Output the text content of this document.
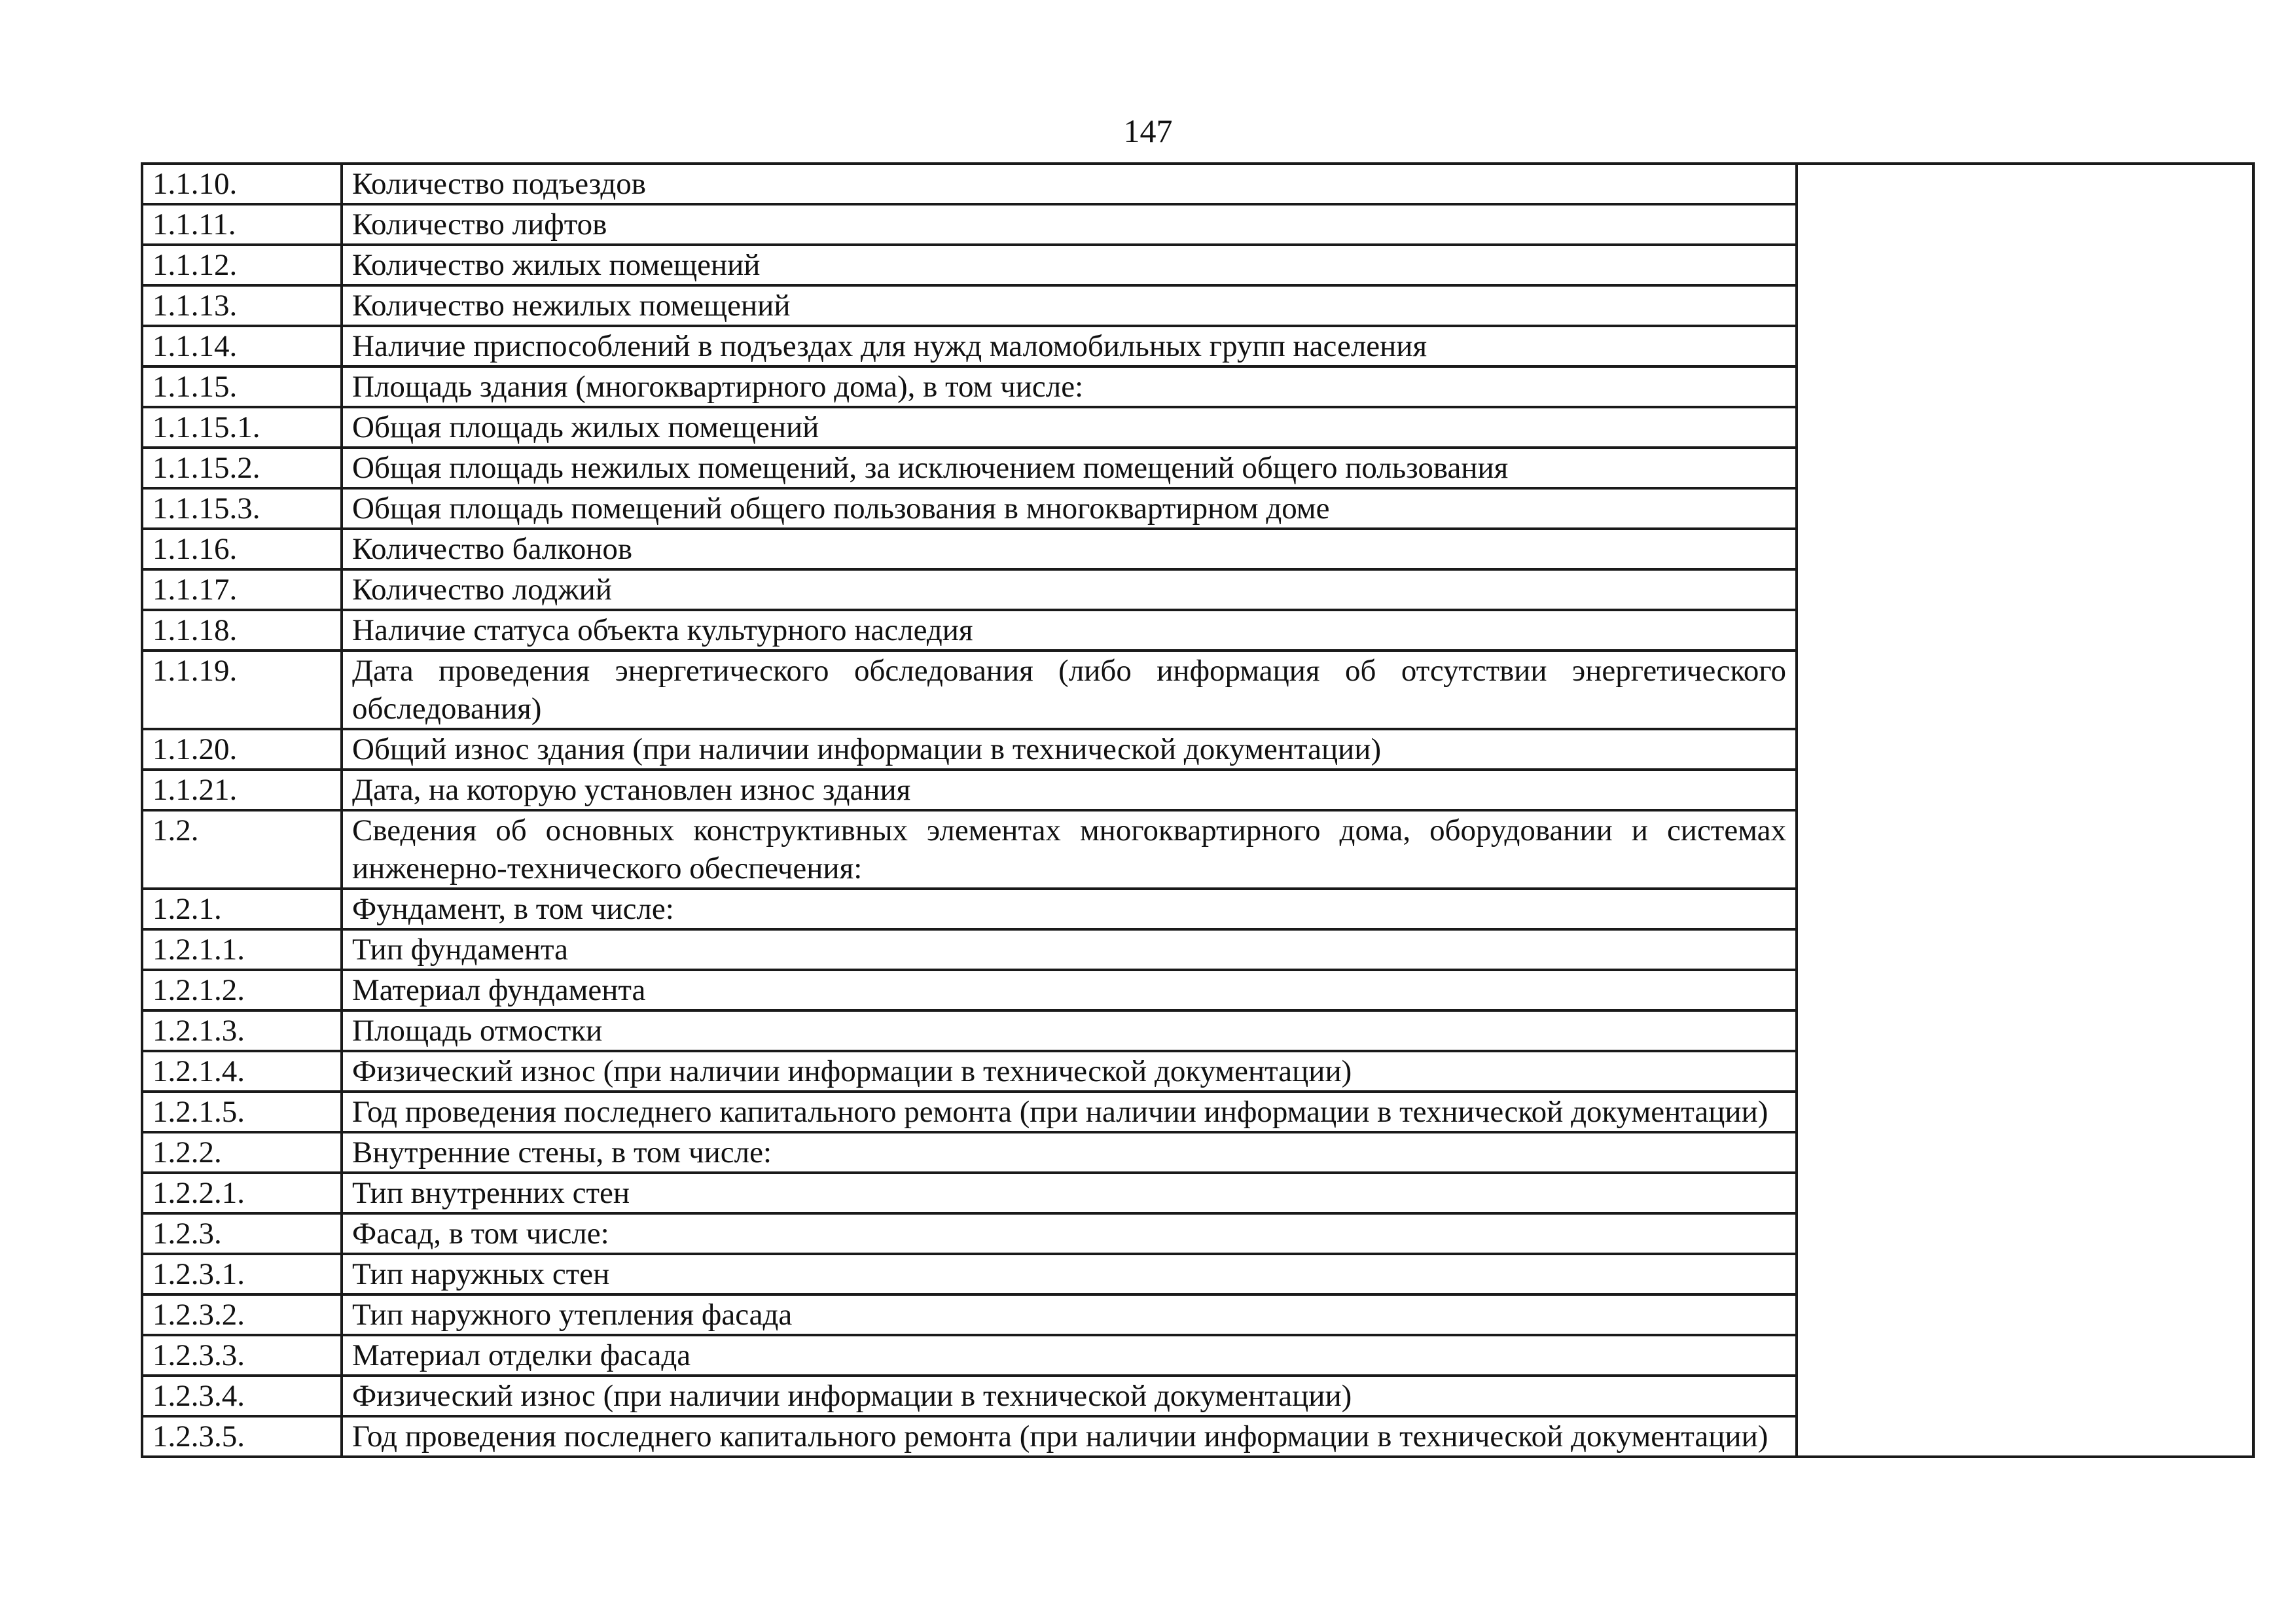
147
1.1.10.	Количество подъездов	
1.1.11.	Количество лифтов	
1.1.12.	Количество жилых помещений	
1.1.13.	Количество нежилых помещений	
1.1.14.	Наличие приспособлений в подъездах для нужд маломобильных групп населения	
1.1.15.	Площадь здания (многоквартирного дома), в том числе:	
1.1.15.1.	Общая площадь жилых помещений	
1.1.15.2.	Общая площадь нежилых помещений, за исключением помещений общего пользования	
1.1.15.3.	Общая площадь помещений общего пользования в многоквартирном доме	
1.1.16.	Количество балконов	
1.1.17.	Количество лоджий	
1.1.18.	Наличие статуса объекта культурного наследия	
1.1.19.	Дата проведения энергетического обследования (либо информация об отсутствии энергетического обследования)	
1.1.20.	Общий износ здания (при наличии информации в технической документации)	
1.1.21.	Дата, на которую установлен износ здания	
1.2.	Сведения об основных конструктивных элементах многоквартирного дома, оборудовании и системах инженерно-технического обеспечения:	
1.2.1.	Фундамент, в том числе:	
1.2.1.1.	Тип фундамента	
1.2.1.2.	Материал фундамента	
1.2.1.3.	Площадь отмостки	
1.2.1.4.	Физический износ (при наличии информации в технической документации)	
1.2.1.5.	Год проведения последнего капитального ремонта (при наличии информации в технической документации)	
1.2.2.	Внутренние стены, в том числе:	
1.2.2.1.	Тип внутренних стен	
1.2.3.	Фасад, в том числе:	
1.2.3.1.	Тип наружных стен	
1.2.3.2.	Тип наружного утепления фасада	
1.2.3.3.	Материал отделки фасада	
1.2.3.4.	Физический износ (при наличии информации в технической документации)	
1.2.3.5.	Год проведения последнего капитального ремонта (при наличии информации в технической документации)	
